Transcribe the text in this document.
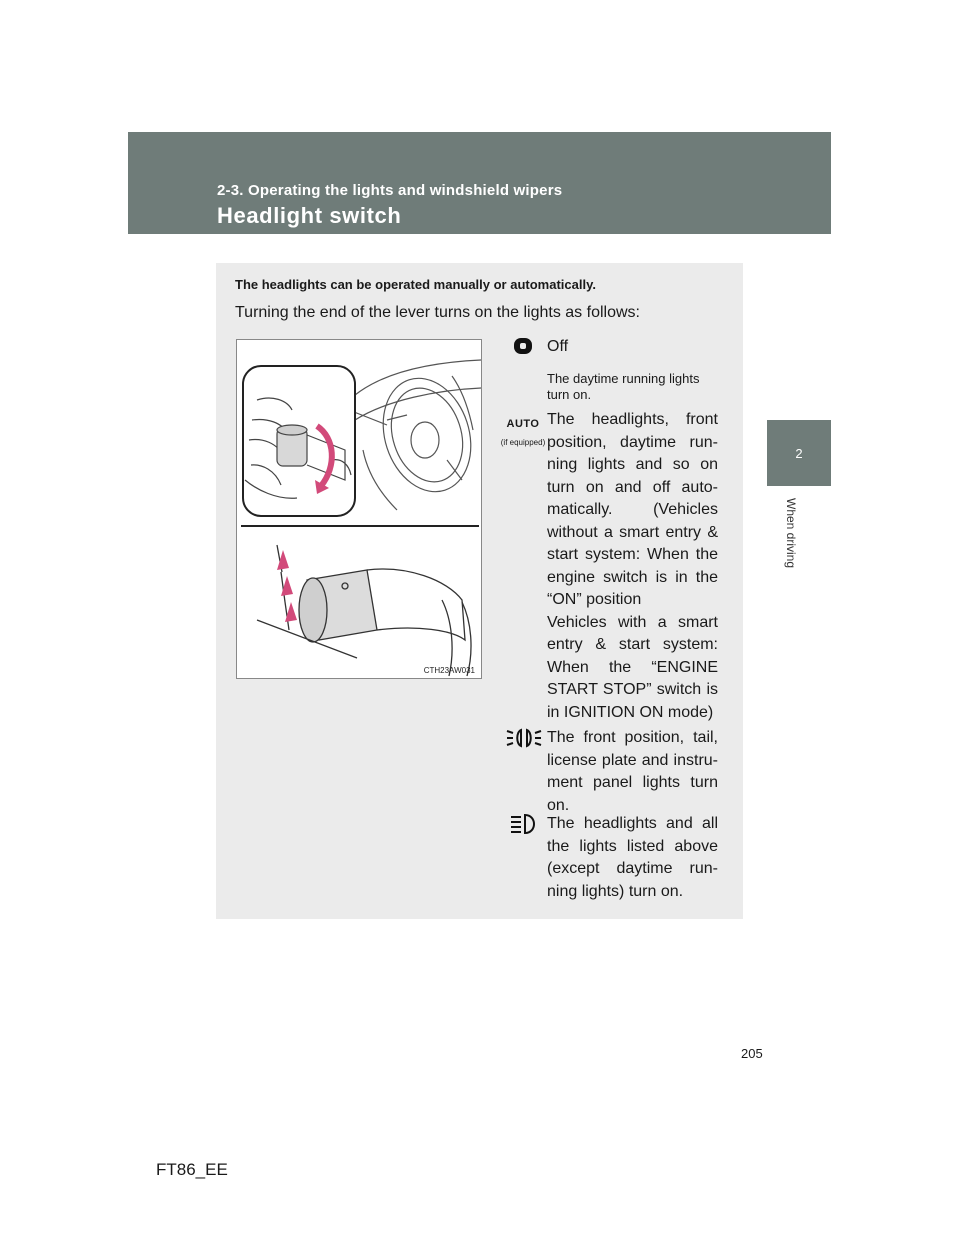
2-3. Operating the lights and windshield wipers
Headlight switch
2
When driving
The headlights can be operated manually or automatically.
Turning the end of the lever turns on the lights as follows:
CTH23AW031
Off
The daytime running lights turn on.
AUTO
(if equipped)
The headlights, front position, daytime run-ning lights and so on turn on and off auto-matically. (Vehicles without a smart entry & start system: When the engine switch is in the “ON” position
Vehicles with a smart entry & start system: When the “ENGINE START STOP” switch is in IGNITION ON mode)
The front position, tail, license plate and instru-ment panel lights turn on.
The headlights and all the lights listed above (except daytime run-ning lights) turn on.
205
FT86_EE
